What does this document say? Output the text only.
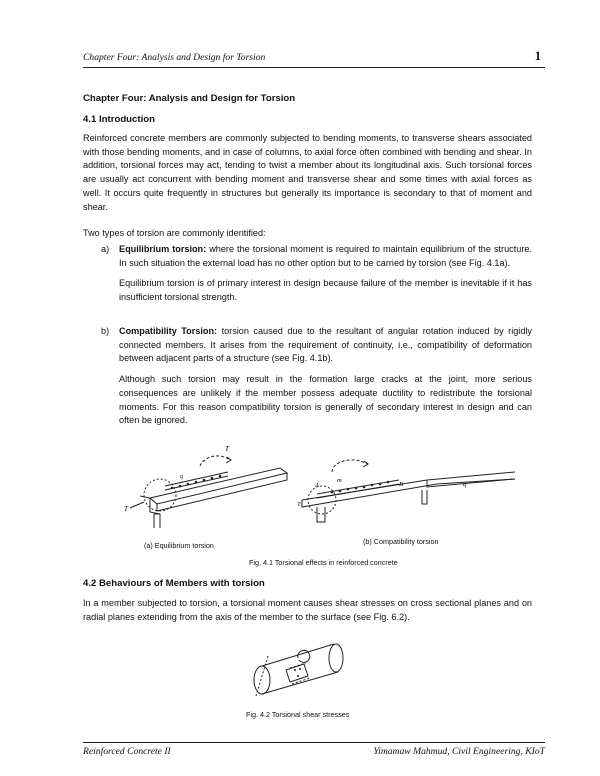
Chapter Four: Analysis and Design for Torsion	1
Chapter Four: Analysis and Design for Torsion
4.1 Introduction

Reinforced concrete members are commonly subjected to bending moments, to transverse shears associated with those bending moments, and in case of columns, to axial force often combined with bending and shear. In addition, torsional forces may act, tending to twist a member about its longitudinal axis. Such torsional forces are usually act concurrent with bending moment and transverse shear and some times with axial forces as well. It occurs quite frequently in structures but generally its importance is secondary to that of moment and shear.

Two types of torsion are commonly identified:

a) Equilibrium torsion: where the torsional moment is required to maintain equilibrium of the structure. In such situation the external load has no other option but to be carried by torsion (see Fig. 4.1a).

Equilibrium torsion is of primary interest in design because failure of the member is inevitable if it has insufficient torsional strength.

b) Compatibility Torsion: torsion caused due to the resultant of angular rotation induced by rigidly connected members. It arises from the requirement of continuity, i.e., compatibility of deformation between adjacent parts of a structure (see Fig. 4.1b).

Although such torsion may result in the formation large cracks at the joint, more serious consequences are unlikely if the member possess adequate ductility to redistribute the torsional moments. For this reason compatibility torsion is generally of secondary interest in design and can often be ignored.

T
T
q
A
m
B	q
T
(a) Equilibrium torsion	(b) Compatibility torsion
Fig. 4.1 Torsional effects in reinforced concrete
4.2 Behaviours of Members with torsion

In a member subjected to torsion, a torsional moment causes shear stresses on cross sectional planes and on radial planes extending from the axis of the member to the surface (see Fig. 6.2).

Fig. 4.2 Torsional shear stresses
Reinforced Concrete II	Yimamaw Mahmud, Civil Engineering, KIoT
